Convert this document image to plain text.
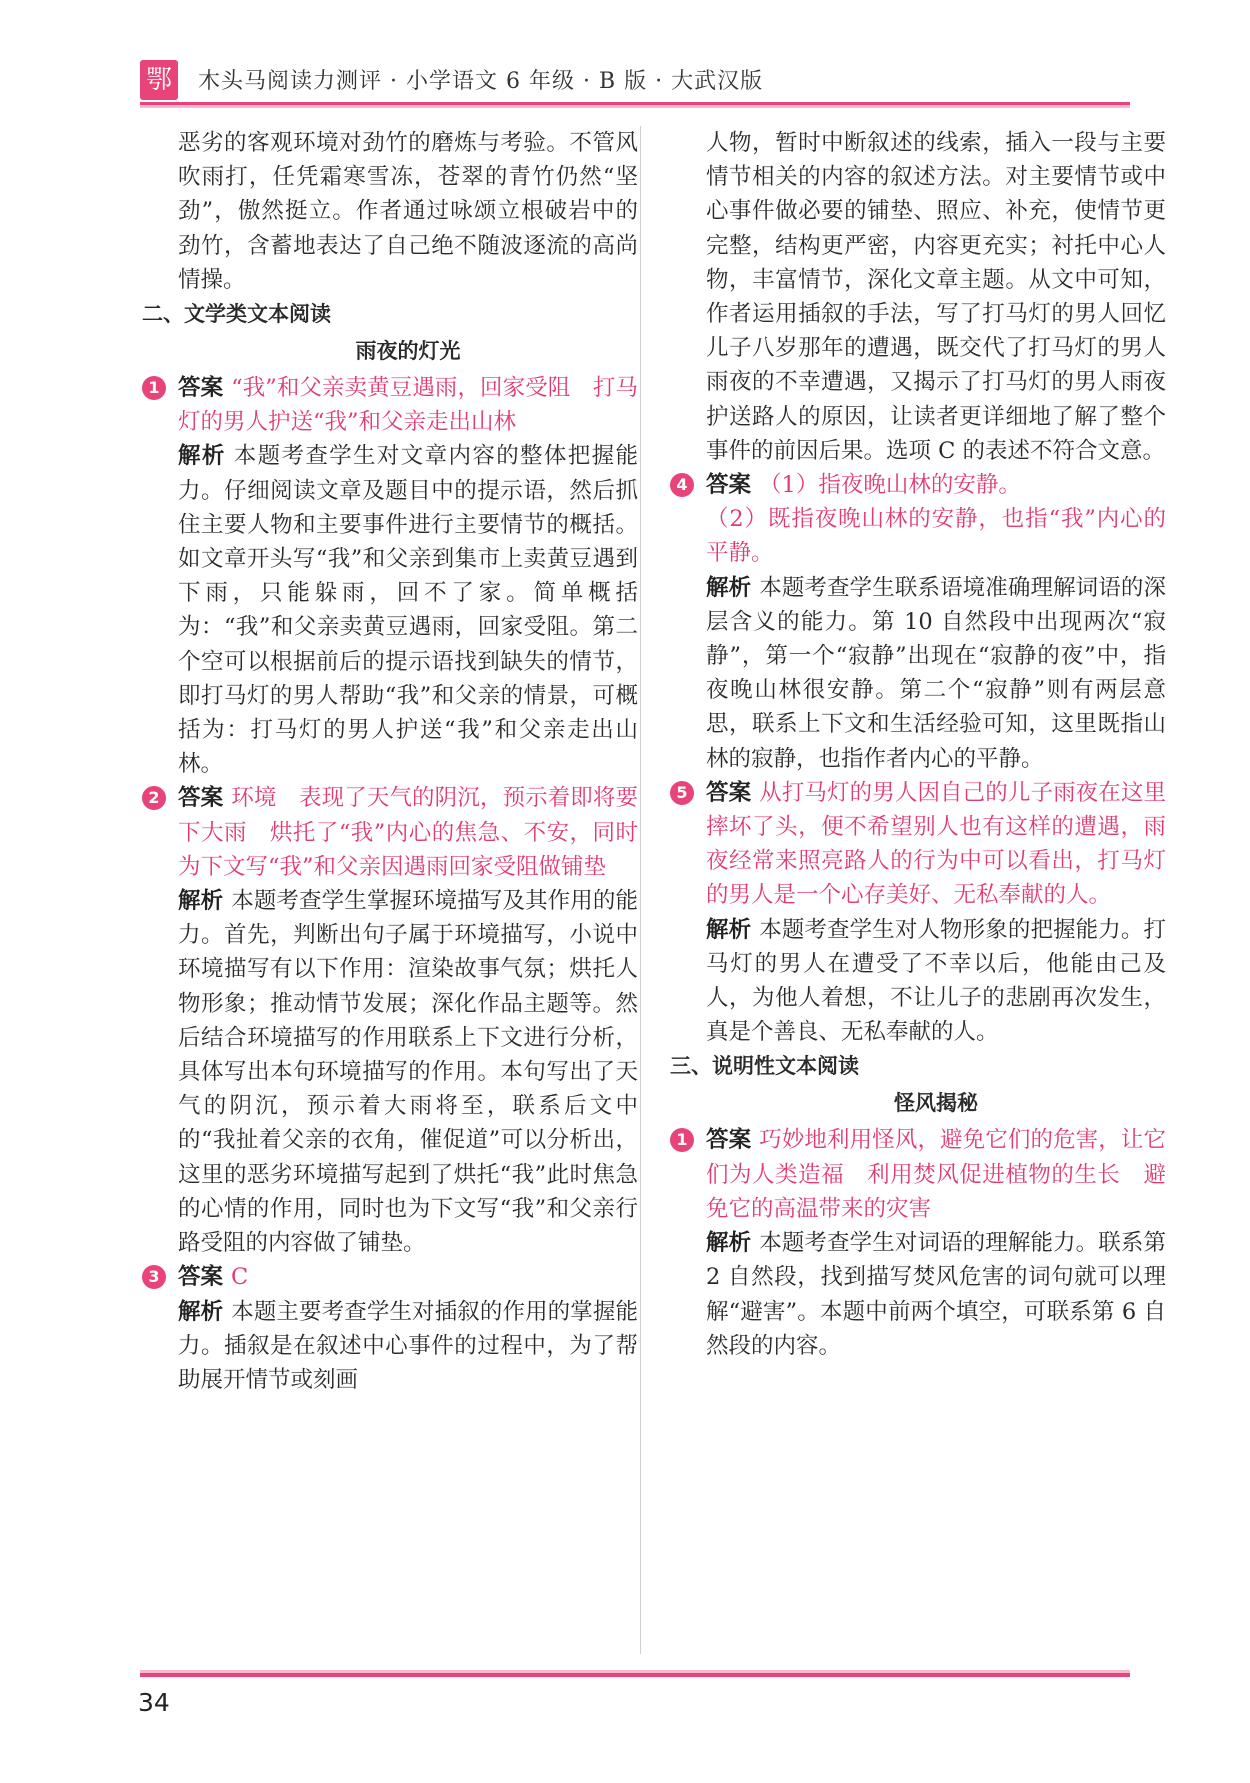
鄂 木头马阅读力测评 · 小学语文 6 年级 · B 版 · 大武汉版

恶劣的客观环境对劲竹的磨炼与考验。不管风吹雨打，任凭霜寒雪冻，苍翠的青竹仍然“坚劲”，傲然挺立。作者通过咏颂立根破岩中的劲竹，含蓄地表达了自己绝不随波逐流的高尚情操。

二、文学类文本阅读

雨夜的灯光

1 答案 “我”和父亲卖黄豆遇雨，回家受阻　打马灯的男人护送“我”和父亲走出山林

解析 本题考查学生对文章内容的整体把握能力。仔细阅读文章及题目中的提示语，然后抓住主要人物和主要事件进行主要情节的概括。如文章开头写“我”和父亲到集市上卖黄豆遇到下雨，只能躲雨，回不了家。简单概括为：“我”和父亲卖黄豆遇雨，回家受阻。第二个空可以根据前后的提示语找到缺失的情节，即打马灯的男人帮助“我”和父亲的情景，可概括为：打马灯的男人护送“我”和父亲走出山林。

2 答案 环境　表现了天气的阴沉，预示着即将要下大雨　烘托了“我”内心的焦急、不安，同时为下文写“我”和父亲因遇雨回家受阻做铺垫

解析 本题考查学生掌握环境描写及其作用的能力。首先，判断出句子属于环境描写，小说中环境描写有以下作用：渲染故事气氛；烘托人物形象；推动情节发展；深化作品主题等。然后结合环境描写的作用联系上下文进行分析，具体写出本句环境描写的作用。本句写出了天气的阴沉，预示着大雨将至，联系后文中的“我扯着父亲的衣角，催促道”可以分析出，这里的恶劣环境描写起到了烘托“我”此时焦急的心情的作用，同时也为下文写“我”和父亲行路受阻的内容做了铺垫。

3 答案 C

解析 本题主要考查学生对插叙的作用的掌握能力。插叙是在叙述中心事件的过程中，为了帮助展开情节或刻画

人物，暂时中断叙述的线索，插入一段与主要情节相关的内容的叙述方法。对主要情节或中心事件做必要的铺垫、照应、补充，使情节更完整，结构更严密，内容更充实；衬托中心人物，丰富情节，深化文章主题。从文中可知，作者运用插叙的手法，写了打马灯的男人回忆儿子八岁那年的遭遇，既交代了打马灯的男人雨夜的不幸遭遇，又揭示了打马灯的男人雨夜护送路人的原因，让读者更详细地了解了整个事件的前因后果。选项 C 的表述不符合文意。

4 答案 （1）指夜晚山林的安静。

（2）既指夜晚山林的安静，也指“我”内心的平静。

解析 本题考查学生联系语境准确理解词语的深层含义的能力。第 10 自然段中出现两次“寂静”，第一个“寂静”出现在“寂静的夜”中，指夜晚山林很安静。第二个“寂静”则有两层意思，联系上下文和生活经验可知，这里既指山林的寂静，也指作者内心的平静。

5 答案 从打马灯的男人因自己的儿子雨夜在这里摔坏了头，便不希望别人也有这样的遭遇，雨夜经常来照亮路人的行为中可以看出，打马灯的男人是一个心存美好、无私奉献的人。

解析 本题考查学生对人物形象的把握能力。打马灯的男人在遭受了不幸以后，他能由己及人，为他人着想，不让儿子的悲剧再次发生，真是个善良、无私奉献的人。

三、说明性文本阅读

怪风揭秘

1 答案 巧妙地利用怪风，避免它们的危害，让它们为人类造福　利用焚风促进植物的生长　避免它的高温带来的灾害

解析 本题考查学生对词语的理解能力。联系第 2 自然段，找到描写焚风危害的词句就可以理解“避害”。本题中前两个填空，可联系第 6 自然段的内容。

34
